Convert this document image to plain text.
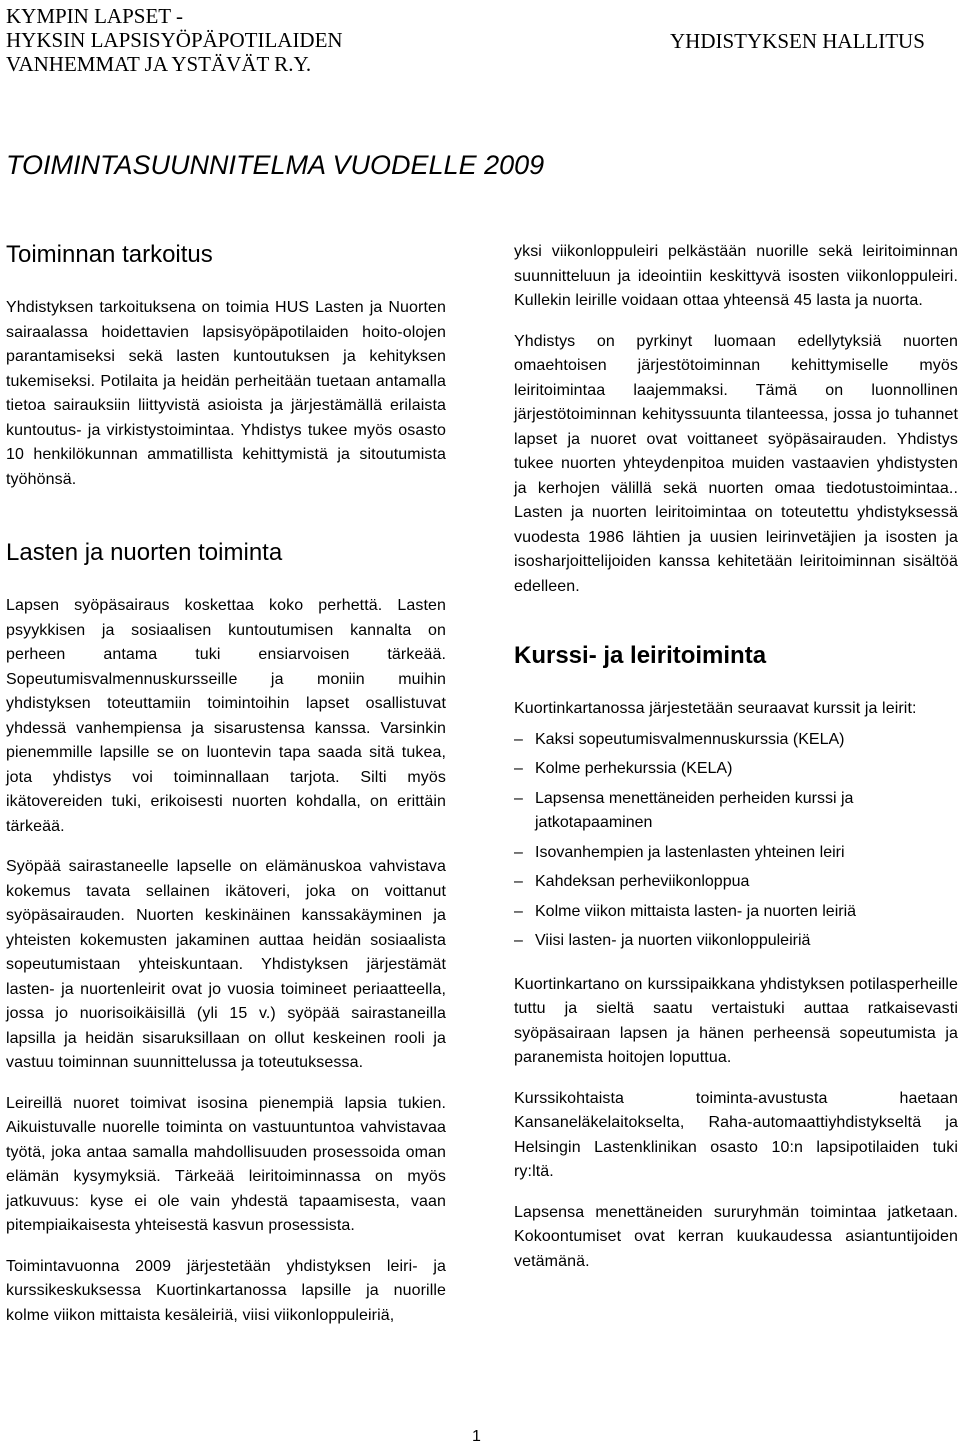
KYMPIN LAPSET -
HYKSIN LAPSISYÖPÄPOTILAIDEN
VANHEMMAT JA YSTÄVÄT R.Y.
YHDISTYKSEN HALLITUS
TOIMINTASUUNNITELMA VUODELLE 2009
Toiminnan tarkoitus

Yhdistyksen tarkoituksena on toimia HUS Lasten ja Nuorten sairaalassa hoidettavien lapsisyöpäpotilaiden hoito-olojen parantamiseksi sekä lasten kuntoutuksen ja kehityksen tukemiseksi. Potilaita ja heidän perheitään tuetaan antamalla tietoa sairauksiin liittyvistä asioista ja järjestämällä erilaista kuntoutus- ja virkistystoimintaa. Yhdistys tukee myös osasto 10 henkilökunnan ammatillista kehittymistä ja sitoutumista työhönsä.

Lasten ja nuorten toiminta

Lapsen syöpäsairaus koskettaa koko perhettä. Lasten psyykkisen ja sosiaalisen kuntoutumisen kannalta on perheen antama tuki ensiarvoisen tärkeää. Sopeutumisvalmennuskursseille ja moniin muihin yhdistyksen toteuttamiin toimintoihin lapset osallistuvat yhdessä vanhempiensa ja sisarustensa kanssa. Varsinkin pienemmille lapsille se on luontevin tapa saada sitä tukea, jota yhdistys voi toiminnallaan tarjota. Silti myös ikätovereiden tuki, erikoisesti nuorten kohdalla, on erittäin tärkeää.

Syöpää sairastaneelle lapselle on elämänuskoa vahvistava kokemus tavata sellainen ikätoveri, joka on voittanut syöpäsairauden. Nuorten keskinäinen kanssakäyminen ja yhteisten kokemusten jakaminen auttaa heidän sosiaalista sopeutumistaan yhteiskuntaan. Yhdistyksen järjestämät lasten- ja nuortenleirit ovat jo vuosia toimineet periaatteella, jossa jo nuorisoikäisillä (yli 15 v.) syöpää sairastaneilla lapsilla ja heidän sisaruksillaan on ollut keskeinen rooli ja vastuu toiminnan suunnittelussa ja toteutuksessa.

Leireillä nuoret toimivat isosina pienempiä lapsia tukien. Aikuistuvalle nuorelle toiminta on vastuuntuntoa vahvistavaa työtä, joka antaa samalla mahdollisuuden prosessoida oman elämän kysymyksiä. Tärkeää leiritoiminnassa on myös jatkuvuus: kyse ei ole vain yhdestä tapaamisesta, vaan pitempiaikaisesta yhteisestä kasvun prosessista.

Toimintavuonna 2009 järjestetään yhdistyksen leiri- ja kurssikeskuksessa Kuortinkartanossa lapsille ja nuorille kolme viikon mittaista kesäleiriä, viisi viikonloppuleiriä,

yksi viikonloppuleiri pelkästään nuorille sekä leiritoiminnan suunnitteluun ja ideointiin keskittyvä isosten viikonloppuleiri. Kullekin leirille voidaan ottaa yhteensä 45 lasta ja nuorta.

Yhdistys on pyrkinyt luomaan edellytyksiä nuorten omaehtoisen järjestötoiminnan kehittymiselle myös leiritoimintaa laajemmaksi. Tämä on luonnollinen järjestötoiminnan kehityssuunta tilanteessa, jossa jo tuhannet lapset ja nuoret ovat voittaneet syöpäsairauden. Yhdistys tukee nuorten yhteydenpitoa muiden vastaavien yhdistysten ja kerhojen välillä sekä nuorten omaa tiedotustoimintaa.. Lasten ja nuorten leiritoimintaa on toteutettu yhdistyksessä vuodesta 1986 lähtien ja uusien leirinvetäjien ja isosten ja isosharjoittelijoiden kanssa kehitetään leiritoiminnan sisältöä edelleen.

Kurssi- ja leiritoiminta

Kuortinkartanossa järjestetään seuraavat kurssit ja leirit:

– Kaksi sopeutumisvalmennuskurssia (KELA)
– Kolme perhekurssia (KELA)
– Lapsensa menettäneiden perheiden kurssi ja jatkotapaaminen
– Isovanhempien ja lastenlasten yhteinen leiri
– Kahdeksan perheviikonloppua
– Kolme viikon mittaista lasten- ja nuorten leiriä
– Viisi lasten- ja nuorten viikonloppuleiriä

Kuortinkartano on kurssipaikkana yhdistyksen potilasperheille tuttu ja sieltä saatu vertaistuki auttaa ratkaisevasti syöpäsairaan lapsen ja hänen perheensä sopeutumista ja paranemista hoitojen loputtua.

Kurssikohtaista toiminta-avustusta haetaan Kansaneläkelaitokselta, Raha-automaattiyhdistykseltä ja Helsingin Lastenklinikan osasto 10:n lapsipotilaiden tuki ry:ltä.

Lapsensa menettäneiden sururyhmän toimintaa jatketaan. Kokoontumiset ovat kerran kuukaudessa asiantuntijoiden vetämänä.

1
